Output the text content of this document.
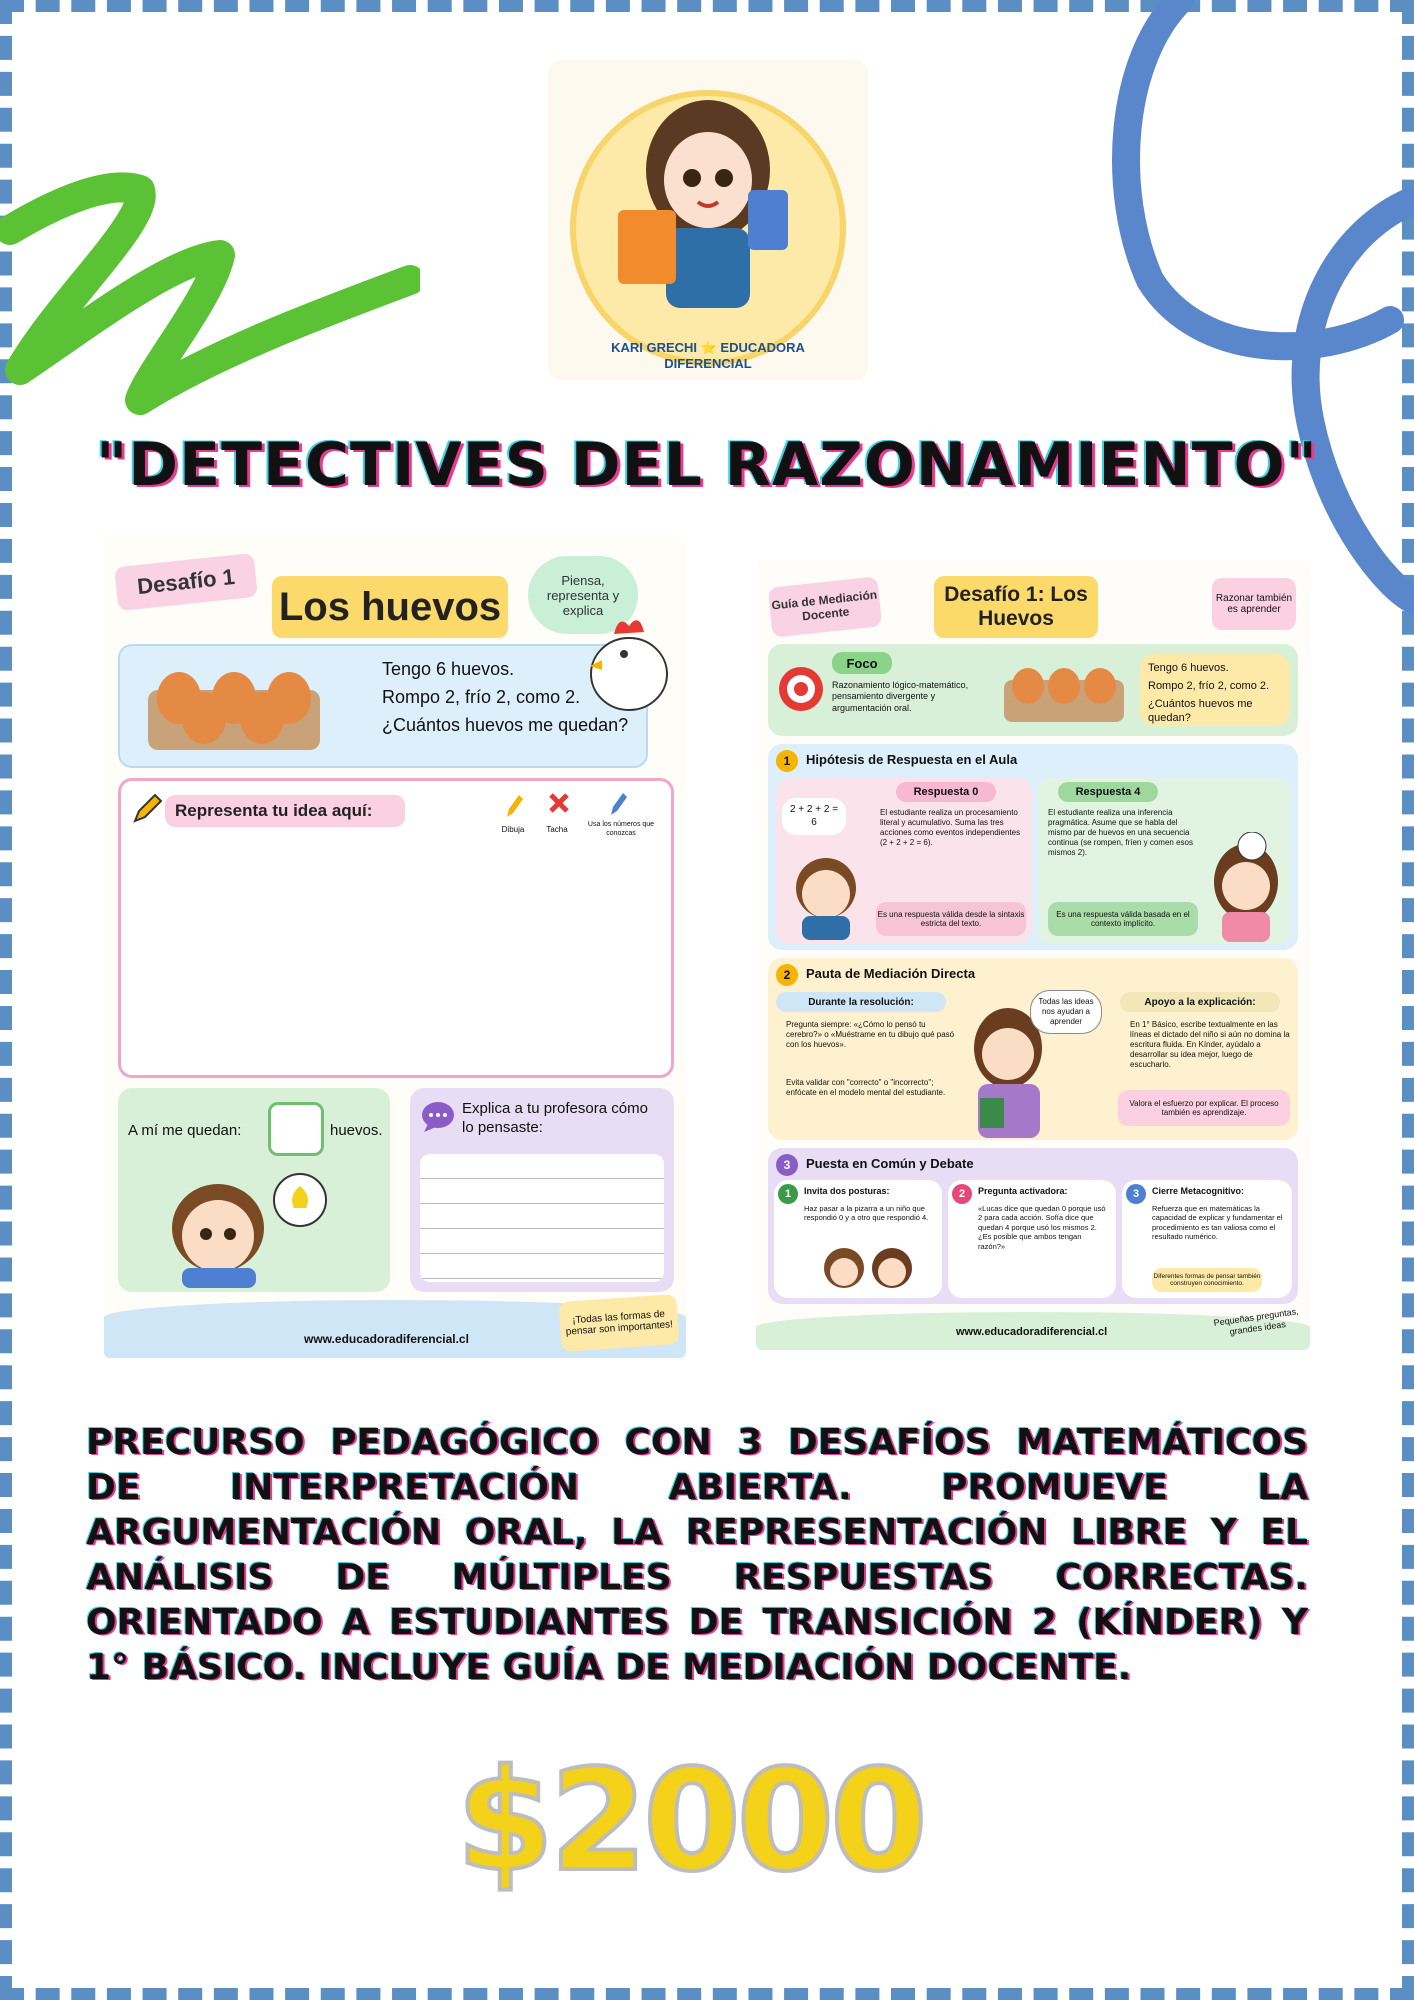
KARI GRECHI ⭐ EDUCADORA DIFERENCIAL
"DETECTIVES DEL RAZONAMIENTO"
Desafío 1
Los huevos
Piensa, representa y explica
Tengo 6 huevos.
Rompo 2, frío 2, como 2.
¿Cuántos huevos me quedan?
Representa tu idea aquí:
Dibuja	Tacha
Usa los números que conozcas
A mí me quedan:	huevos.
Explica a tu profesora cómo lo pensaste:
www.educadoradiferencial.cl
¡Todas las formas de pensar son importantes!
Guía de Mediación Docente
Desafío 1: Los Huevos
Razonar también es aprender
Foco
Razonamiento lógico-matemático, pensamiento divergente y argumentación oral.
Tengo 6 huevos.
Rompo 2, frío 2, como 2.
¿Cuántos huevos me quedan?
1	Hipótesis de Respuesta en el Aula
Respuesta 0
2 + 2 + 2 = 6
El estudiante realiza un procesamiento literal y acumulativo. Suma las tres acciones como eventos independientes (2 + 2 + 2 = 6).
Es una respuesta válida desde la sintaxis estricta del texto.
Respuesta 4
El estudiante realiza una inferencia pragmática. Asume que se habla del mismo par de huevos en una secuencia continua (se rompen, fríen y comen esos mismos 2).
Es una respuesta válida basada en el contexto implícito.
2	Pauta de Mediación Directa
Durante la resolución:
Pregunta siempre: «¿Cómo lo pensó tu cerebro?» o «Muéstrame en tu dibujo qué pasó con los huevos».
Evita validar con "correcto" o "incorrecto"; enfócate en el modelo mental del estudiante.
Todas las ideas nos ayudan a aprender
Apoyo a la explicación:
En 1° Básico, escribe textualmente en las líneas el dictado del niño si aún no domina la escritura fluida. En Kínder, ayúdalo a desarrollar su idea mejor, luego de escucharlo.
Valora el esfuerzo por explicar. El proceso también es aprendizaje.
3	Puesta en Común y Debate
1	Invita dos posturas:
Haz pasar a la pizarra a un niño que respondió 0 y a otro que respondió 4.
2	Pregunta activadora:
«Lucas dice que quedan 0 porque usó 2 para cada acción. Sofía dice que quedan 4 porque usó los mismos 2. ¿Es posible que ambos tengan razón?»
3	Cierre Metacognitivo:
Refuerza que en matemáticas la capacidad de explicar y fundamentar el procedimiento es tan valiosa como el resultado numérico.
Diferentes formas de pensar también construyen conocimiento.
www.educadoradiferencial.cl
Pequeñas preguntas, grandes ideas

PRECURSO PEDAGÓGICO CON 3 DESAFÍOS MATEMÁTICOS DE INTERPRETACIÓN ABIERTA. PROMUEVE LA ARGUMENTACIÓN ORAL, LA REPRESENTACIÓN LIBRE Y EL ANÁLISIS DE MÚLTIPLES RESPUESTAS CORRECTAS. ORIENTADO A ESTUDIANTES DE TRANSICIÓN 2 (KÍNDER) Y 1° BÁSICO. INCLUYE GUÍA DE MEDIACIÓN DOCENTE.

$2000
